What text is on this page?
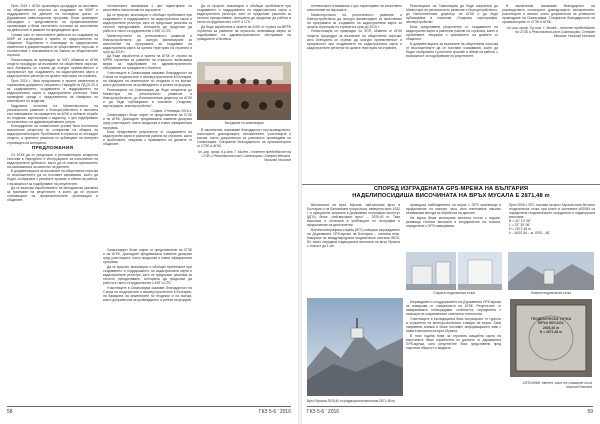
През 2015 г. АГКК организира процедура за изготвяне на обществените поръчки за създаване на КККР и поддържането на данните по последния цикъл от Държавната инвестиционна програма. Беше проведено обсъждане с представители на професионалните организации и беше постигнато съгласие за изпълнение на дейностите в рамките на предвидения срок.

Голяма част от изпълнените дейности по създаване на КККР са съгласувани и приети от представители на общините. Подготвено е становище по предложените изменения в документацията по обществените поръчки, в съответствие с изискванията на Закона за обществените поръчки.

Понастоящем се провеждат по ЗОП, обявени от АГКК открити процедури за възлагане на обществени поръчки, като Агенцията се стреми да осигури приемственост и прозрачност при създаването на кадастралната карта и кадастралните регистри на цялата територия на страната.

През 2016 г. бяха предложени и приети изменения в нормативни документи, свързани с Наредба № РД-02-20-5 за съдържанието, създаването и поддържането на кадастралната карта и кадастралните регистри. Бяха проведени срещи с представители на Камарата на инженерите по геодезия.

Кадровата политика на Министерството на регионалното развитие и благоустройството е насочена към повишаване на капацитета на АГКК и нейните служби по геодезия, картография и кадастър, с цел подобряване на качеството на административните услуги.

Благодарение на съвместните усилия бяха постигнати значителни резултати по отношение на обхвата на кадастралната карта. Проблемите в отрасъла се обсъждат открито, а приетите решения се публикуват на интернет страницата на Агенцията.

ПРЕДЛОЖЕНИЯ

От АГКК да се предложат и регламентират конкретни текстове в Наредбите и Инструкциите за изпълнение на кадастралните дейности, както да се изясни прилагането на изискванията за качество на данните.

В документацията за възлагане на обществени поръчки от възложителите да се поставят изисквания, които да бъдат съобразени с реалните срокове и обеми на работа, с възможност за подобряване на резултатите.

Да се възложи изработването на методически указания за приемане на резултатите, в които да се отразят становищата на професионалните организации и общините.

техническите изисквания с цел гарантиране на качествено изпълнение на поръчките.

Да се проучат, анализират и обобщат проблемите при създаването и поддържането на кадастралната карта и кадастралните регистри, като се предложат решения за тяхното преодоляване. Агенцията да продължи да работи в тясно сътрудничество с КИГ и СГБ.

Министерството на регионалното развитие и благоустройството да осигури финансиране за изпълнение на програмата за създаване на кадастралната карта за цялата територия на страната в срок до 2019 г.

Да бъде изработена и приета на АГКК от страна на МРРБ стратегия за развитие на отрасъла, включваща мерки за подобряване на административното обслужване на гражданите и бизнеса.

Участниците в Симпозиума изказват благодарност на Съюза на геодезистите и землеустроителите в България, на Камарата на инженерите по геодезия и на всички, които допринесоха за провеждането и успеха на форума.

Резолюцията на Симпозиума да бъде изпратена до Министъра на регионалното развитие и благоустройството, до Изпълнителния директор на АГКК и да бъде публикувана в списание „Геодезия, картография, землеустройство“.

София, 4 Ноември 2016 г.

Симпозиумът беше открит от представители на СГЗБ и на АГКК. Докладите предизвикаха оживена дискусия сред участниците, която продължи и извън официалната програма.

Бяха представени резултатите от създаването на кадастрални карти в различни райони на страната, както и проблемите, свързани с приемането на данните от общините.

Симпозиумът беше открит от представители на СГЗБ и на АГКК. Докладите предизвикаха оживена дискусия сред участниците, която продължи и извън официалната програма.

Да се проучат, анализират и обобщат проблемите при създаването и поддържането на кадастралната карта и кадастралните регистри, като се предложат решения за тяхното преодоляване. Агенцията да продължи да работи в тясно сътрудничество с КИГ и СГБ.

Участниците в Симпозиума изказват благодарност на Съюза на геодезистите и землеустроителите в България, на Камарата на инженерите по геодезия и на всички, които допринесоха за провеждането и успеха на форума.

Заседание на симпозиума

Да се проучат, анализират и обобщат проблемите при създаването и поддържането на кадастралната карта и кадастралните регистри, като се предложат решения за тяхното преодоляване. Агенцията да продължи да работи в тясно сътрудничество с КИГ и СГБ.

Да бъде изработена и приета на АГКК от страна на МРРБ стратегия за развитие на отрасъла, включваща мерки за подобряване на административното обслужване на гражданите и бизнеса.

В заключение, изказваме благодарност на ръководството, спонсорите, докладчиците, изложителите, участниците и всички, които допринесоха за успешното провеждане на Симпозиума. Специални благодарности на организаторите от СГЗБ и АГКК.

Чл.-кор. проф. д-р инж. Г. Милев – почетен председател на СГЗБ и Регионалния клон Симпозиума. Стефан Мешков, Николай Николов

58	ГКЗ 5-6 ' 2016

техническите изисквания с цел гарантиране на качествено изпълнение на поръчките.

Министерството на регионалното развитие и благоустройството да осигури финансиране за изпълнение на програмата за създаване на кадастралната карта за цялата територия на страната в срок до 2019 г.

Понастоящем се провеждат по ЗОП, обявени от АГКК открити процедури за възлагане на обществени поръчки, като Агенцията се стреми да осигури приемственост и прозрачност при създаването на кадастралната карта и кадастралните регистри на цялата територия на страната.

Резолюцията на Симпозиума да бъде изпратена до Министъра на регионалното развитие и благоустройството, до Изпълнителния директор на АГКК и да бъде публикувана в списание „Геодезия, картография, землеустройство“.

Бяха представени резултатите от създаването на кадастрални карти в различни райони на страната, както и проблемите, свързани с приемането на данните от общините.

В документацията за възлагане на обществени поръчки от възложителите да се поставят изисквания, които да бъдат съобразени с реалните срокове и обеми на работа, с възможност за подобряване на резултатите.

В заключение, изказваме благодарност на ръководството, спонсорите, докладчиците, изложителите, участниците и всички, които допринесоха за успешното провеждане на Симпозиума. Специални благодарности на организаторите от СГЗБ и АГКК.

Чл.-кор. проф. д-р инж. Г. Милев – почетен председател на СГЗБ и Регионалния клон Симпозиума. Стефан Мешков, Николай Николов

СПОРЕД ИЗГРАДЕНАТА GPS-МРЕЖА НА БЪЛГАРИЯ
НАДЕЛИПОСИДИША ВИСОЧИНАТА НА ВРЪХ МУСАЛА Е 2871,48 m

Височината на връх Мусала, най-високия връх в България и на Балканския полуостров, измерена през 1932 г. и официално записана в Държавния географски институт (ДГИ), беше „Най-високият връх“ – 2925,40 m. Тази височина е останала в учебниците по география в продължение на десетилетия.

Военнотопографска служба (ВТС) извърши изграждането на Държавната GPS-мрежа на България – основна етап, базирана на международната геодезическа система WGS-84, която определи надморската височина на връх Мусала с точност до 1 cm.

проведоха наблюденията на върха с GPS приемници в продължение на няколко часа, като използваха няколко независими метода за обработка на данните.

На върха беше монтирана метална плоча с надпис, указваща точната височина и координатите на точката, определени с GPS измервания.

През 2006 г. ВТС постави на връх Мусала нова бетонна геодезическа точка, при която в системата WGS84 са определени геодезическите координати и надморската височина:

B = 42° 10' 46"
L = 23° 35' 06"
H = 2871,48 m
h – WGS-84 – м. GRS – 80
Старата геодезическа точка	Новата геодезическа точка
Връх Мусала 2925,40 m (надморската височина 2871,48 m)

Изграждането и поддържането на Държавната GPS-мрежа се извършва от специалисти на АГКК. Резултатите от измерванията потвърждават стойността, определена с помощта на съвременните сателитни технологии.

Участниците в експедицията бяха посрещнати от туристи и служители на метеорологичната станция на върха. Бяха направени снимки и беше поставен информационен знак с новата височина на връх Мусала.

В тази година нова за страната мащабна карта на височините беше изработена по данните от държавната GPS-мрежа, като резултатите бяха представени пред научната общност и медиите.

ГЕОДЕЗИЧЕСКА ТОЧКА
ВРЪХ МУСАЛА
2925,40 m
H = 2871,48 m
ИЗТОЧНИК: Internet, част от снимките са на Николай Николов
ГКЗ 5-6 ' 2016	59
